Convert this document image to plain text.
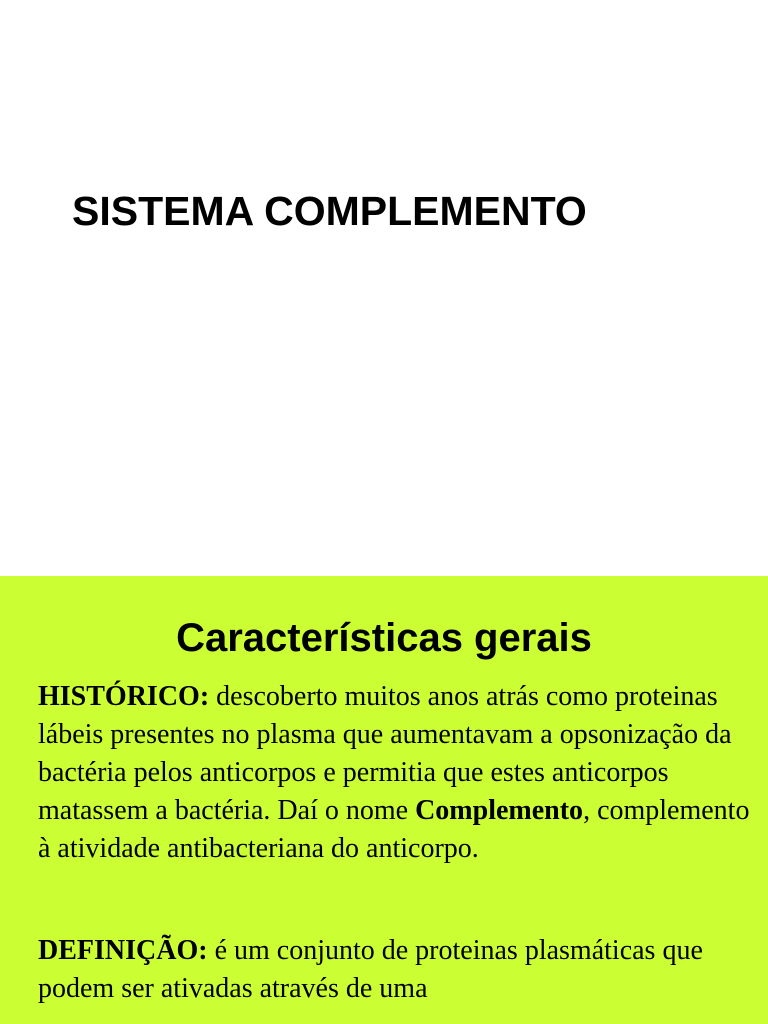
SISTEMA COMPLEMENTO
Características gerais

HISTÓRICO: descoberto muitos anos atrás como proteinas lábeis presentes no plasma que aumentavam a opsonização da bactéria pelos anticorpos e permitia que estes anticorpos matassem a bactéria. Daí o nome Complemento, complemento à atividade antibacteriana do anticorpo.

DEFINIÇÃO: é um conjunto de proteinas plasmáticas que podem ser ativadas através de uma
